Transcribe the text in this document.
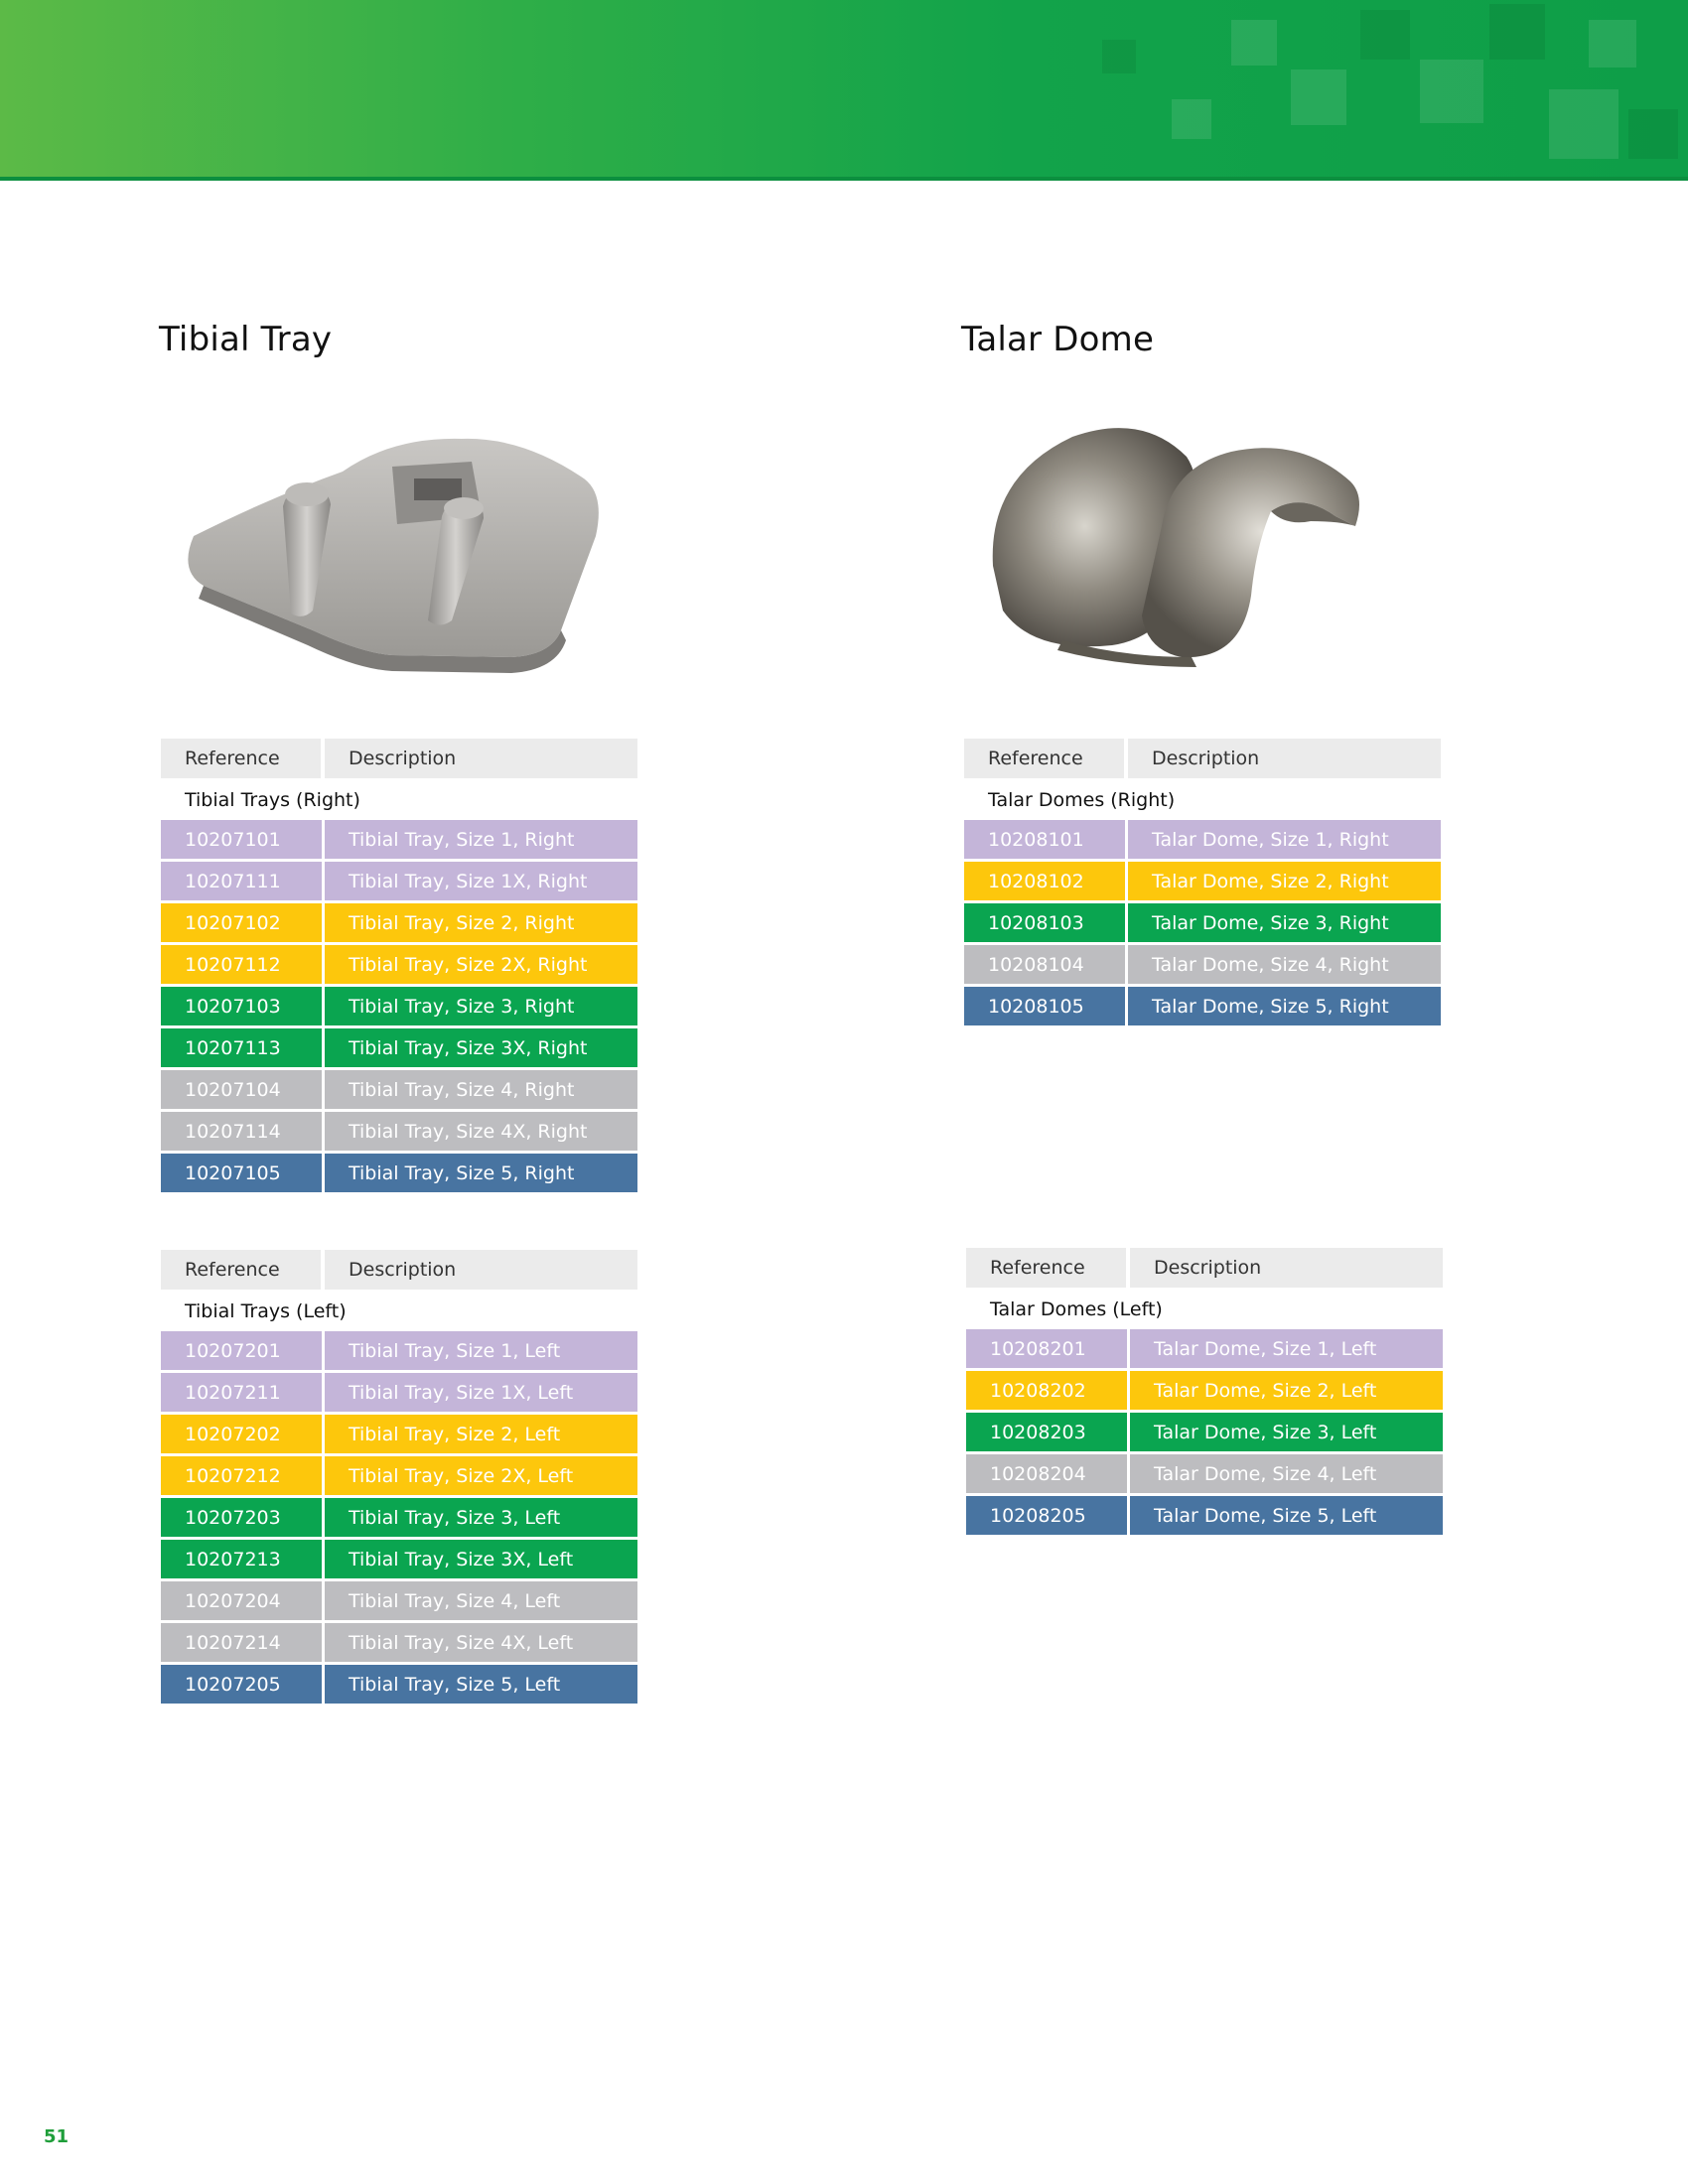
Tibial Tray	Talar Dome
Reference	Description
Tibial Trays (Right)
10207101	Tibial Tray, Size 1, Right
10207111	Tibial Tray, Size 1X, Right
10207102	Tibial Tray, Size 2, Right
10207112	Tibial Tray, Size 2X, Right
10207103	Tibial Tray, Size 3, Right
10207113	Tibial Tray, Size 3X, Right
10207104	Tibial Tray, Size 4, Right
10207114	Tibial Tray, Size 4X, Right
10207105	Tibial Tray, Size 5, Right
Reference	Description
Tibial Trays (Left)
10207201	Tibial Tray, Size 1, Left
10207211	Tibial Tray, Size 1X, Left
10207202	Tibial Tray, Size 2, Left
10207212	Tibial Tray, Size 2X, Left
10207203	Tibial Tray, Size 3, Left
10207213	Tibial Tray, Size 3X, Left
10207204	Tibial Tray, Size 4, Left
10207214	Tibial Tray, Size 4X, Left
10207205	Tibial Tray, Size 5, Left
Reference	Description
Talar Domes (Right)
10208101	Talar Dome, Size 1, Right
10208102	Talar Dome, Size 2, Right
10208103	Talar Dome, Size 3, Right
10208104	Talar Dome, Size 4, Right
10208105	Talar Dome, Size 5, Right
Reference	Description
Talar Domes (Left)
10208201	Talar Dome, Size 1, Left
10208202	Talar Dome, Size 2, Left
10208203	Talar Dome, Size 3, Left
10208204	Talar Dome, Size 4, Left
10208205	Talar Dome, Size 5, Left
51
